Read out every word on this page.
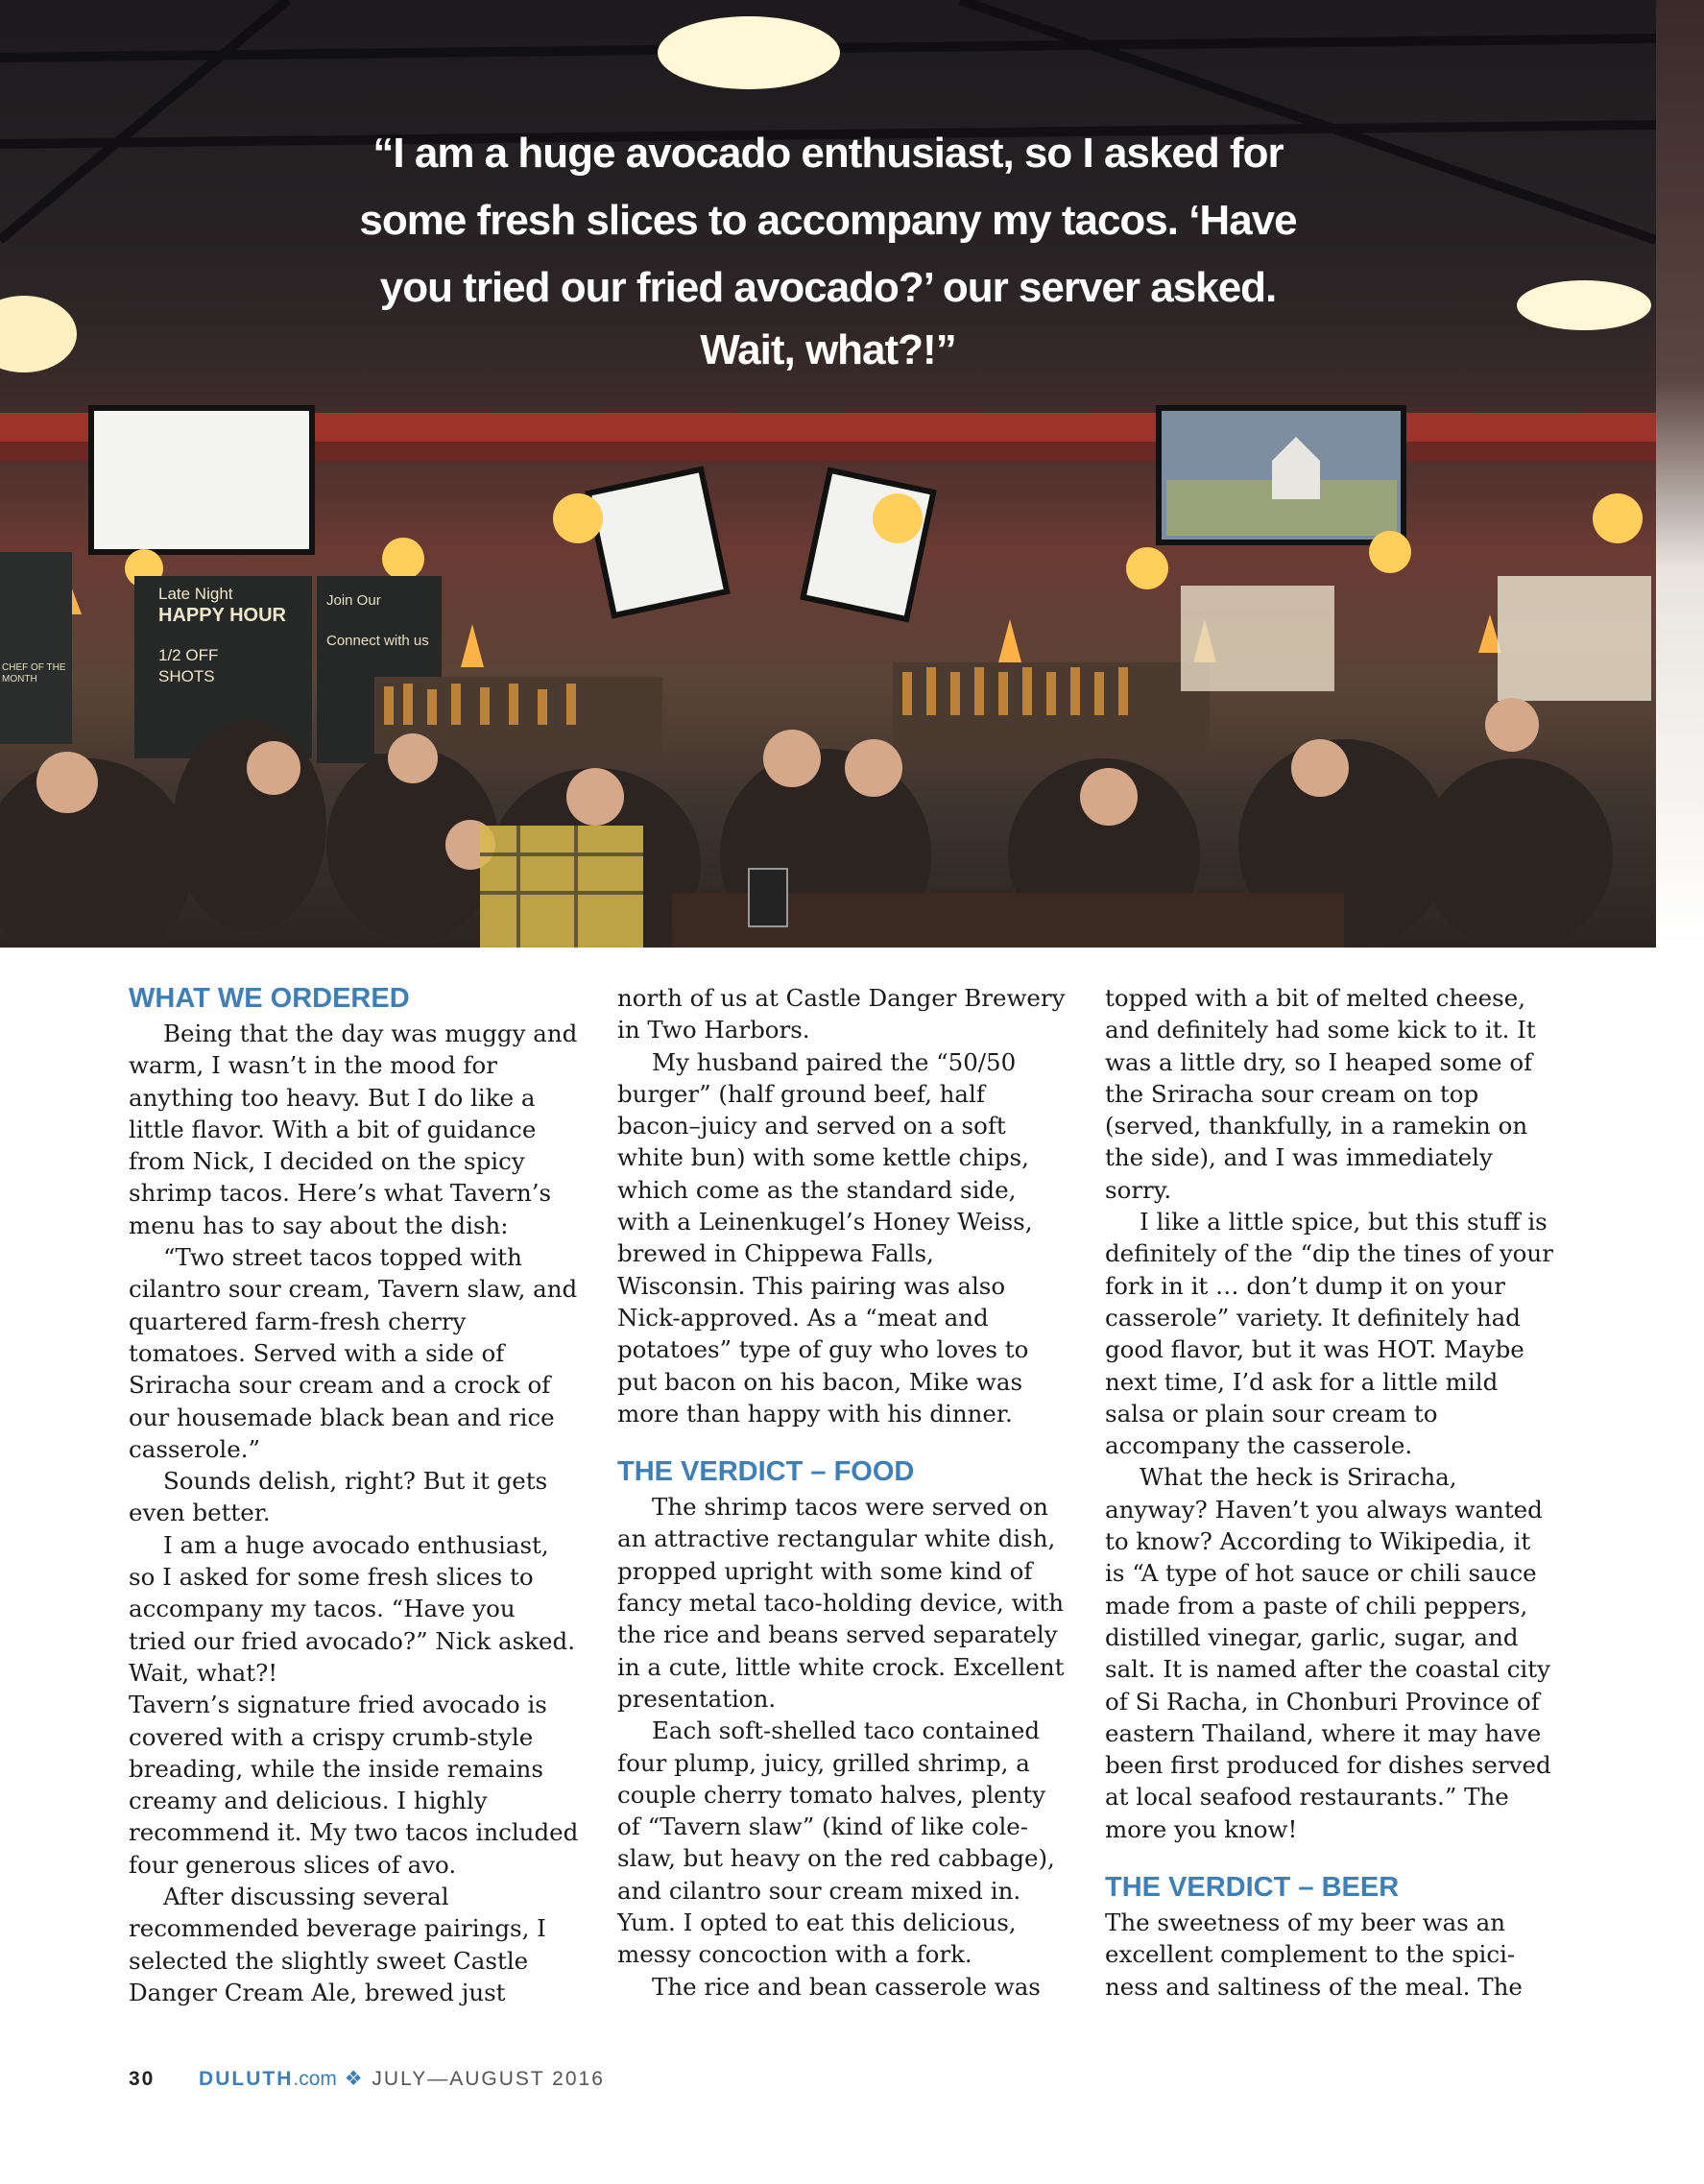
Late Night
HAPPY HOUR
1/2 OFF
SHOTS
Join Our
Connect with us
CHEF OF THE MONTH
“I am a huge avocado enthusiast, so I asked for
some fresh slices to accompany my tacos. ‘Have
you tried our fried avocado?’ our server asked.
Wait, what?!”
WHAT WE ORDERED

Being that the day was muggy and warm, I wasn’t in the mood for anything too heavy. But I do like a little flavor. With a bit of guidance from Nick, I decided on the spicy shrimp tacos. Here’s what Tavern’s menu has to say about the dish:

“Two street tacos topped with cilantro sour cream, Tavern slaw, and quartered farm-fresh cherry tomatoes. Served with a side of Sriracha sour cream and a crock of our housemade black bean and rice casserole.”

Sounds delish, right? But it gets even better.

I am a huge avocado enthusiast, so I asked for some fresh slices to accompany my tacos. “Have you tried our fried avocado?” Nick asked. Wait, what?!

Tavern’s signature fried avocado is covered with a crispy crumb-style breading, while the inside remains creamy and delicious. I highly recommend it. My two tacos included four generous slices of avo.

After discussing several recommended beverage pairings, I selected the slightly sweet Castle Danger Cream Ale, brewed just

north of us at Castle Danger Brewery in Two Harbors.

My husband paired the “50/50 burger” (half ground beef, half bacon–juicy and served on a soft white bun) with some kettle chips, which come as the standard side, with a Leinenkugel’s Honey Weiss, brewed in Chippewa Falls, Wisconsin. This pairing was also Nick-approved. As a “meat and potatoes” type of guy who loves to put bacon on his bacon, Mike was more than happy with his dinner.

THE VERDICT – FOOD

The shrimp tacos were served on an attractive rectangular white dish, propped upright with some kind of fancy metal taco-holding device, with the rice and beans served separately in a cute, little white crock. Excellent presentation.

Each soft-shelled taco contained four plump, juicy, grilled shrimp, a couple cherry tomato halves, plenty of “Tavern slaw” (kind of like cole-slaw, but heavy on the red cabbage), and cilantro sour cream mixed in. Yum. I opted to eat this delicious, messy concoction with a fork.

The rice and bean casserole was

topped with a bit of melted cheese, and definitely had some kick to it. It was a little dry, so I heaped some of the Sriracha sour cream on top (served, thankfully, in a ramekin on the side), and I was immediately sorry.

I like a little spice, but this stuff is definitely of the “dip the tines of your fork in it … don’t dump it on your casserole” variety. It definitely had good flavor, but it was HOT. Maybe next time, I’d ask for a little mild salsa or plain sour cream to accompany the casserole.

What the heck is Sriracha, anyway? Haven’t you always wanted to know? According to Wikipedia, it is “A type of hot sauce or chili sauce made from a paste of chili peppers, distilled vinegar, garlic, sugar, and salt. It is named after the coastal city of Si Racha, in Chonburi Province of eastern Thailand, where it may have been first produced for dishes served at local seafood restaurants.” The more you know!

THE VERDICT – BEER

The sweetness of my beer was an excellent complement to the spici-ness and saltiness of the meal. The

30 DULUTH.com ❖ JULY—AUGUST 2016
